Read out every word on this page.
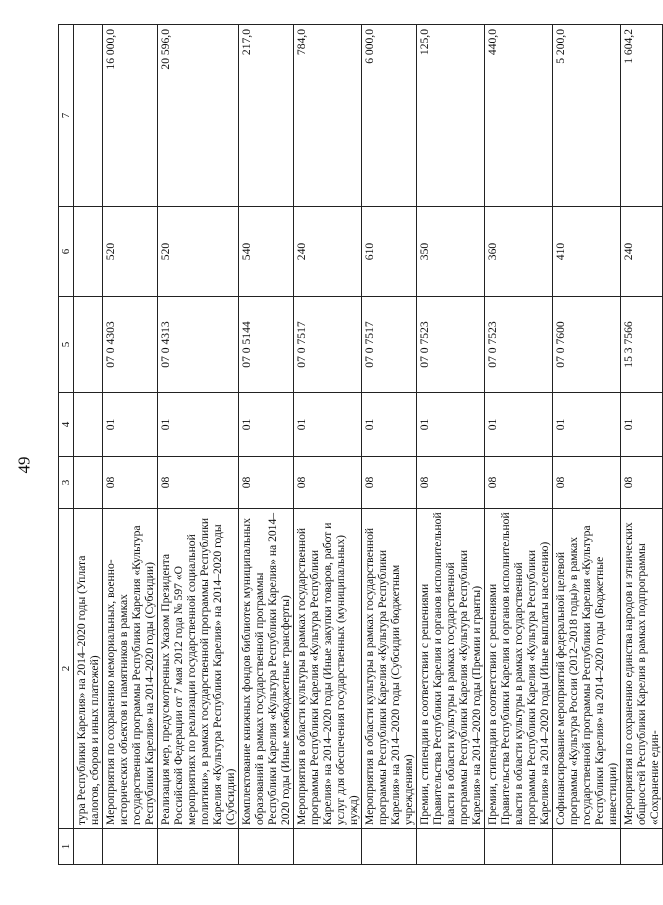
49
1	2	3	4	5	6	7
	тура Республики Карелия» на 2014–2020 годы (Уплата налогов, сборов и иных платежей)					
	Мероприятия по сохранению мемориальных, военно-исторических объектов и памятников в рамках государственной программы Республики Карелия «Культура Республики Карелия» на 2014–2020 годы (Субсидии)	08	01	07 0 4303	520	16 000,0
	Реализация мер, предусмотренных Указом Президента Российской Федерации от 7 мая 2012 года № 597 «О мероприятиях по реализации государственной социальной политики», в рамках государственной программы Республики Карелия «Культура Республики Карелия» на 2014–2020 годы (Субсидии)	08	01	07 0 4313	520	20 596,0
	Комплектование книжных фондов библиотек муниципальных образований в рамках государственной программы Республики Карелия «Культура Республики Карелия» на 2014–2020 годы (Иные межбюджетные трансферты)	08	01	07 0 5144	540	217,0
	Мероприятия в области культуры в рамках государственной программы Республики Карелия «Культура Республики Карелия» на 2014–2020 годы (Иные закупки товаров, работ и услуг для обеспечения государственных (муниципальных) нужд)	08	01	07 0 7517	240	784,0
	Мероприятия в области культуры в рамках государственной программы Республики Карелия «Культура Республики Карелия» на 2014–2020 годы (Субсидии бюджетным учреждениям)	08	01	07 0 7517	610	6 000,0
	Премии, стипендии в соответствии с решениями Правительства Республики Карелия и органов исполнительной власти в области культуры в рамках государственной программы Республики Карелия «Культура Республики Карелия» на 2014–2020 годы (Премии и гранты)	08	01	07 0 7523	350	125,0
	Премии, стипендии в соответствии с решениями Правительства Республики Карелия и органов исполнительной власти в области культуры в рамках государственной программы Республики Карелия «Культура Республики Карелия» на 2014–2020 годы (Иные выплаты населению)	08	01	07 0 7523	360	440,0
	Софинансирование мероприятий федеральной целевой программы «Культура России (2012–2018 годы)» в рамках государственной программы Республики Карелия «Культура Республики Карелия» на 2014–2020 годы (Бюджетные инвестиции)	08	01	07 0 7600	410	5 200,0
	Мероприятия по сохранению единства народов и этнических общностей Республики Карелия в рамках подпрограммы «Сохранение един-	08	01	15 3 7566	240	1 604,2
